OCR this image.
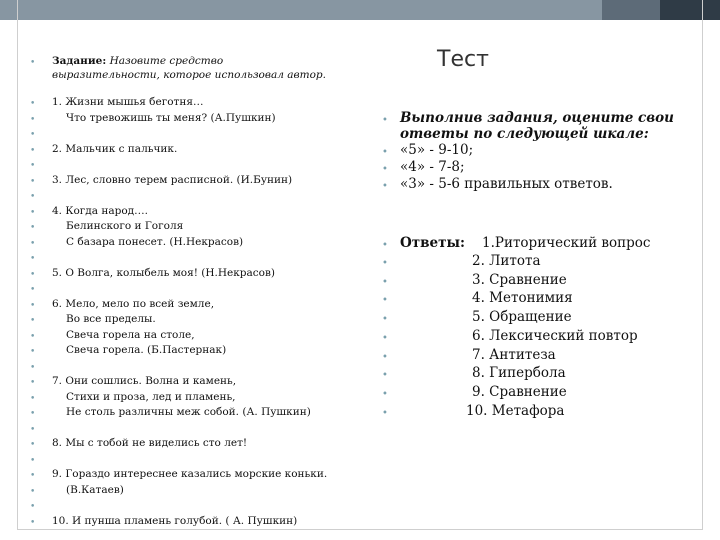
Тест
• Задание: Назовите средство
выразительности, которое использовал автор.
• 1. Жизни мышья беготня…
•	Что тревожишь ты меня? (А.Пушкин)
•
• 2. Мальчик с пальчик.
•
• 3. Лес, словно терем расписной. (И.Бунин)
•
• 4. Когда народ….
•	Белинского и Гоголя
•	С базара понесет. (Н.Некрасов)
•
• 5. О Волга, колыбель моя! (Н.Некрасов)
•
• 6. Мело, мело по всей земле,
•	Во все пределы.
•	Свеча горела на столе,
•	Свеча горела. (Б.Пастернак)
•
• 7. Они сошлись. Волна и камень,
•	Стихи и проза, лед и пламень,
•	Не столь различны меж собой. (А. Пушкин)
•
• 8. Мы с тобой не виделись сто лет!
•
• 9. Гораздо интереснее казались морские коньки.
•	(В.Катаев)
•
• 10. И пунша пламень голубой. ( А. Пушкин)
• Выполнив задания, оцените свои
ответы по следующей шкале:
• «5» - 9-10;
• «4» - 7-8;
• «3» - 5-6 правильных ответов.
• Ответы: 1.Риторический вопрос
•	2. Литота
•	3. Сравнение
•	4. Метонимия
•	5. Обращение
•	6. Лексический повтор
•	7. Антитеза
•	8. Гипербола
•	9. Сравнение
•	10. Метафора
